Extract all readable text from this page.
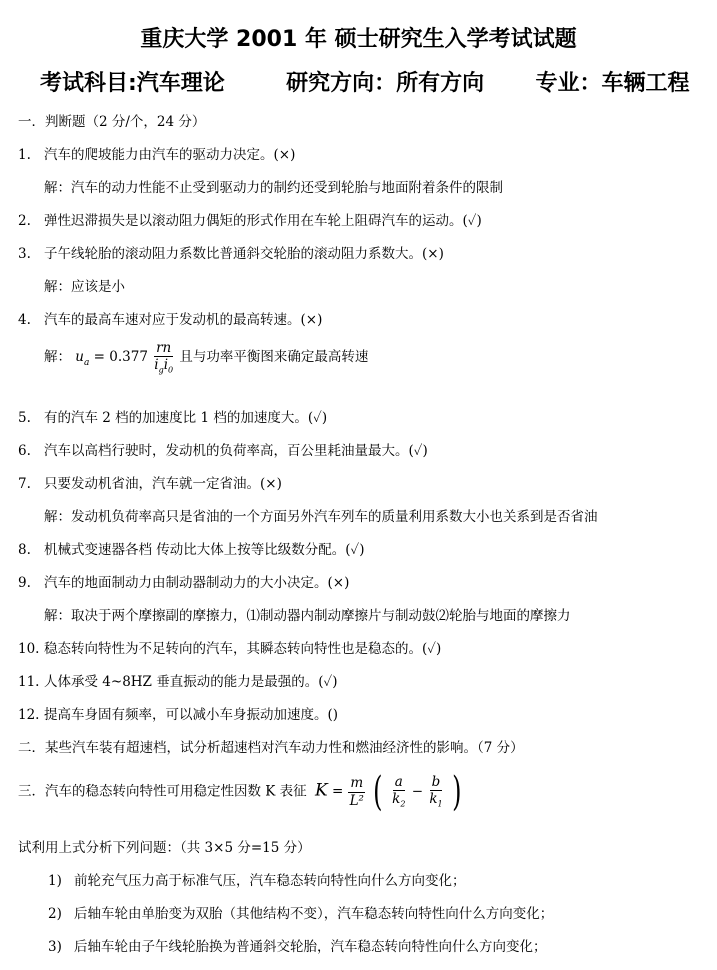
重庆大学 2001 年 硕士研究生入学考试试题
考试科目:汽车理论	研究方向：所有方向 专业：车辆工程
一．判断题（2 分/个，24 分）
1. 汽车的爬坡能力由汽车的驱动力决定。(×)
解：汽车的动力性能不止受到驱动力的制约还受到轮胎与地面附着条件的限制
2. 弹性迟滞损失是以滚动阻力偶矩的形式作用在车轮上阻碍汽车的运动。(✓)
3. 子午线轮胎的滚动阻力系数比普通斜交轮胎的滚动阻力系数大。(×)
解：应该是小
4. 汽车的最高车速对应于发动机的最高转速。(×)
解： $u_a = 0.377 \frac{rn}{i_gi_0}$ 且与功率平衡图来确定最高转速
5. 有的汽车 2 档的加速度比 1 档的加速度大。(✓)
6. 汽车以高档行驶时，发动机的负荷率高，百公里耗油量最大。(✓)
7. 只要发动机省油，汽车就一定省油。(×)
解：发动机负荷率高只是省油的一个方面另外汽车列车的质量利用系数大小也关系到是否省油
8. 机械式变速器各档 传动比大体上按等比级数分配。(✓)
9. 汽车的地面制动力由制动器制动力的大小决定。(×)
解：取决于两个摩擦副的摩擦力，⑴制动器内制动摩擦片与制动鼓⑵轮胎与地面的摩擦力
10. 稳态转向特性为不足转向的汽车，其瞬态转向特性也是稳态的。(✓)
11. 人体承受 4~8HZ 垂直振动的能力是最强的。(✓)
12. 提高车身固有频率，可以减小车身振动加速度。()
二．某些汽车装有超速档，试分析超速档对汽车动力性和燃油经济性的影响。（7 分）
三．汽车的稳态转向特性可用稳定性因数 K 表征 $K = \frac{m}{\text{L²}}$ ( $\frac{a}{k_2} - \frac{b}{k_1}$ )
试利用上式分析下列问题：（共 3×5 分=15 分）
1) 前轮充气压力高于标准气压，汽车稳态转向特性向什么方向变化；
2) 后轴车轮由单胎变为双胎（其他结构不变），汽车稳态转向特性向什么方向变化；
3) 后轴车轮由子午线轮胎换为普通斜交轮胎，汽车稳态转向特性向什么方向变化；
